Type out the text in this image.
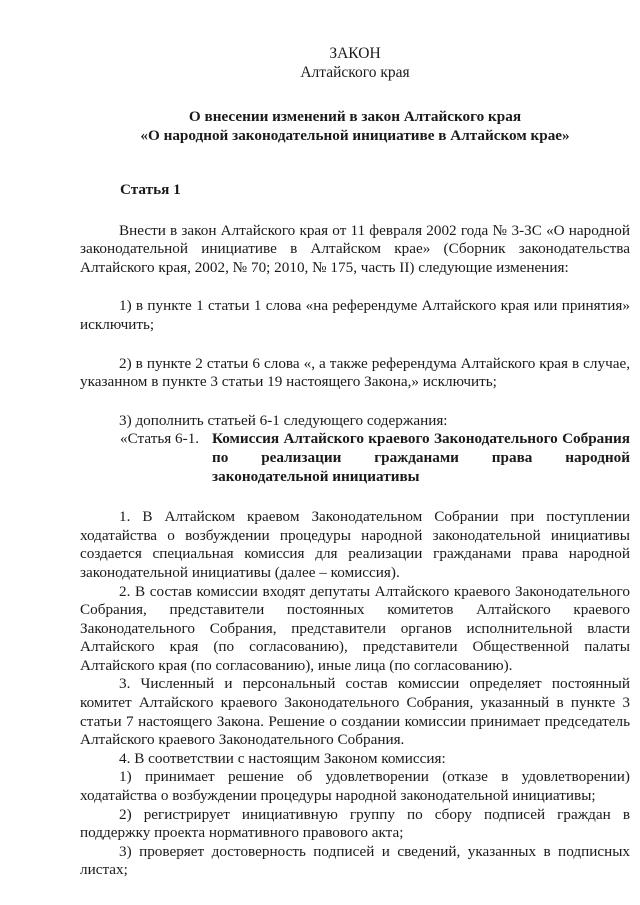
ЗАКОН
Алтайского края
О внесении изменений в закон Алтайского края
«О народной законодательной инициативе в Алтайском крае»
Статья 1

Внести в закон Алтайского края от 11 февраля 2002 года № 3-ЗС «О народной законодательной инициативе в Алтайском крае» (Сборник законодательства Алтайского края, 2002, № 70; 2010, № 175, часть II) следующие изменения:

1) в пункте 1 статьи 1 слова «на референдуме Алтайского края или принятия» исключить;

2) в пункте 2 статьи 6 слова «, а также референдума Алтайского края в случае, указанном в пункте 3 статьи 19 настоящего Закона,» исключить;

3) дополнить статьей 6-1 следующего содержания:

«Статья 6-1. Комиссия Алтайского краевого Законодательного Собрания по реализации гражданами права народной законодательной инициативы

1. В Алтайском краевом Законодательном Собрании при поступлении ходатайства о возбуждении процедуры народной законодательной инициативы создается специальная комиссия для реализации гражданами права народной законодательной инициативы (далее – комиссия).

2. В состав комиссии входят депутаты Алтайского краевого Законодательного Собрания, представители постоянных комитетов Алтайского краевого Законодательного Собрания, представители органов исполнительной власти Алтайского края (по согласованию), представители Общественной палаты Алтайского края (по согласованию), иные лица (по согласованию).

3. Численный и персональный состав комиссии определяет постоянный комитет Алтайского краевого Законодательного Собрания, указанный в пункте 3 статьи 7 настоящего Закона. Решение о создании комиссии принимает председатель Алтайского краевого Законодательного Собрания.

4. В соответствии с настоящим Законом комиссия:

1) принимает решение об удовлетворении (отказе в удовлетворении) ходатайства о возбуждении процедуры народной законодательной инициативы;

2) регистрирует инициативную группу по сбору подписей граждан в поддержку проекта нормативного правового акта;

3) проверяет достоверность подписей и сведений, указанных в подписных листах;
